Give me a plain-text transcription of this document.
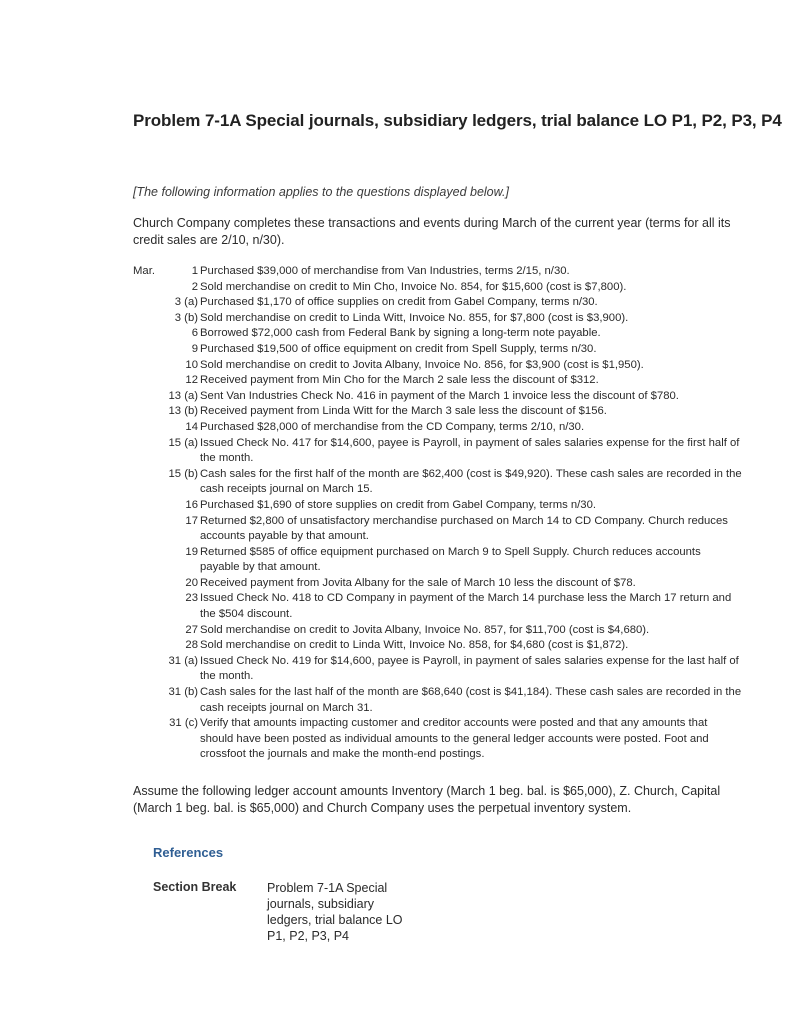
Problem 7-1A Special journals, subsidiary ledgers, trial balance LO P1, P2, P3, P4
[The following information applies to the questions displayed below.]
Church Company completes these transactions and events during March of the current year (terms for all its credit sales are 2/10, n/30).
Mar.	1	Purchased $39,000 of merchandise from Van Industries, terms 2/15, n/30.
	2	Sold merchandise on credit to Min Cho, Invoice No. 854, for $15,600 (cost is $7,800).
	3 (a)	Purchased $1,170 of office supplies on credit from Gabel Company, terms n/30.
	3 (b)	Sold merchandise on credit to Linda Witt, Invoice No. 855, for $7,800 (cost is $3,900).
	6	Borrowed $72,000 cash from Federal Bank by signing a long-term note payable.
	9	Purchased $19,500 of office equipment on credit from Spell Supply, terms n/30.
	10	Sold merchandise on credit to Jovita Albany, Invoice No. 856, for $3,900 (cost is $1,950).
	12	Received payment from Min Cho for the March 2 sale less the discount of $312.
	13 (a)	Sent Van Industries Check No. 416 in payment of the March 1 invoice less the discount of $780.
	13 (b)	Received payment from Linda Witt for the March 3 sale less the discount of $156.
	14	Purchased $28,000 of merchandise from the CD Company, terms 2/10, n/30.
	15 (a)	Issued Check No. 417 for $14,600, payee is Payroll, in payment of sales salaries expense for the first half of the month.
	15 (b)	Cash sales for the first half of the month are $62,400 (cost is $49,920). These cash sales are recorded in the cash receipts journal on March 15.
	16	Purchased $1,690 of store supplies on credit from Gabel Company, terms n/30.
	17	Returned $2,800 of unsatisfactory merchandise purchased on March 14 to CD Company. Church reduces accounts payable by that amount.
	19	Returned $585 of office equipment purchased on March 9 to Spell Supply. Church reduces accounts payable by that amount.
	20	Received payment from Jovita Albany for the sale of March 10 less the discount of $78.
	23	Issued Check No. 418 to CD Company in payment of the March 14 purchase less the March 17 return and the $504 discount.
	27	Sold merchandise on credit to Jovita Albany, Invoice No. 857, for $11,700 (cost is $4,680).
	28	Sold merchandise on credit to Linda Witt, Invoice No. 858, for $4,680 (cost is $1,872).
	31 (a)	Issued Check No. 419 for $14,600, payee is Payroll, in payment of sales salaries expense for the last half of the month.
	31 (b)	Cash sales for the last half of the month are $68,640 (cost is $41,184). These cash sales are recorded in the cash receipts journal on March 31.
	31 (c)	Verify that amounts impacting customer and creditor accounts were posted and that any amounts that should have been posted as individual amounts to the general ledger accounts were posted. Foot and crossfoot the journals and make the month-end postings.
Assume the following ledger account amounts Inventory (March 1 beg. bal. is $65,000), Z. Church, Capital (March 1 beg. bal. is $65,000) and Church Company uses the perpetual inventory system.
References
Section Break Problem 7-1A Special journals, subsidiary ledgers, trial balance LO P1, P2, P3, P4
